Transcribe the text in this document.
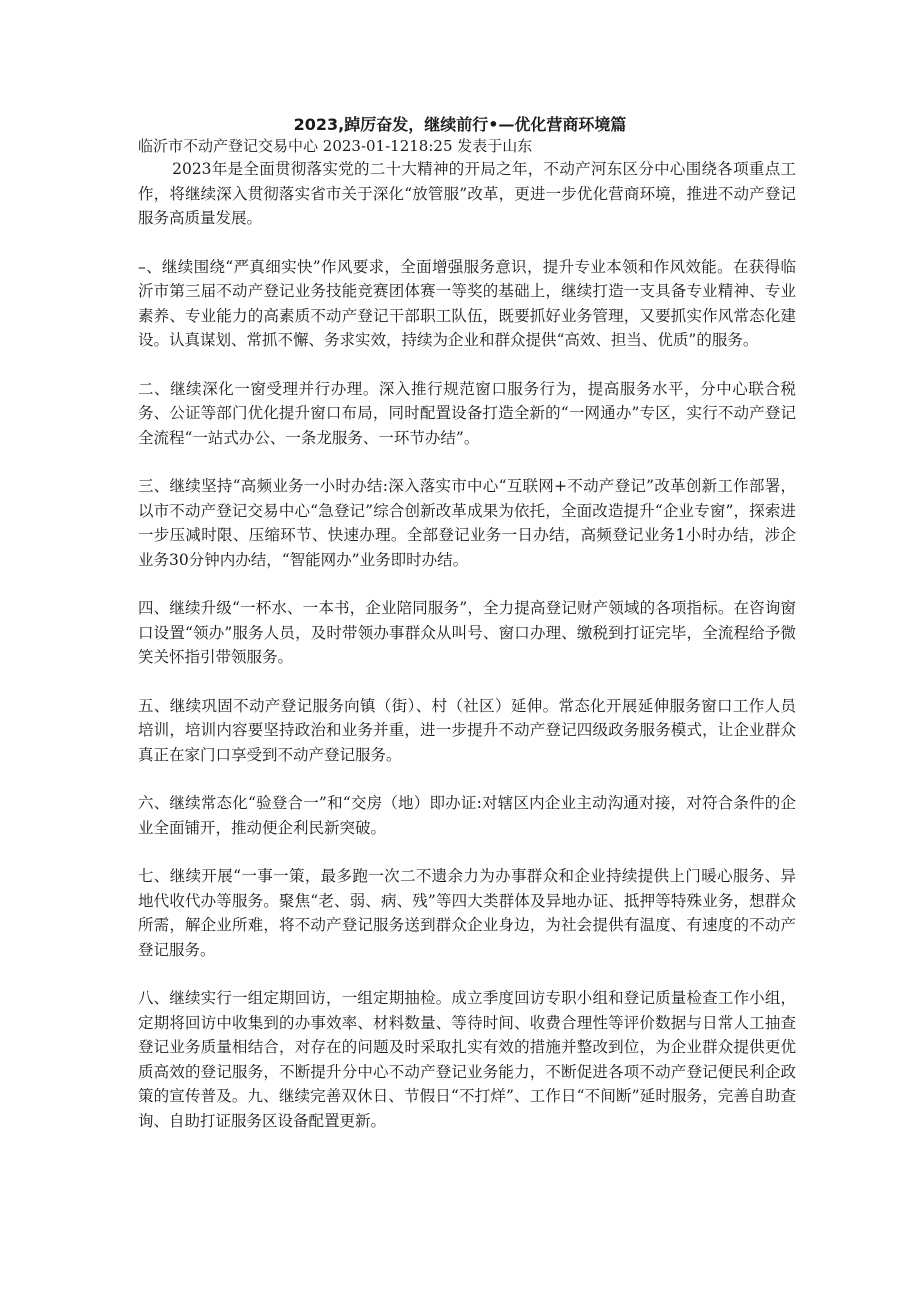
2023,踔厉奋发，继续前行•—优化营商环境篇

临沂市不动产登记交易中心 2023-01-1218:25 发表于山东

2023年是全面贯彻落实党的二十大精神的开局之年，不动产河东区分中心围绕各项重点工作，将继续深入贯彻落实省市关于深化“放管服”改革，更进一步优化营商环境，推进不动产登记服务高质量发展。

–、继续围绕“严真细实快”作风要求，全面增强服务意识，提升专业本领和作风效能。在获得临沂市第三届不动产登记业务技能竞赛团体赛一等奖的基础上，继续打造一支具备专业精神、专业素养、专业能力的高素质不动产登记干部职工队伍，既要抓好业务管理，又要抓实作风常态化建设。认真谋划、常抓不懈、务求实效，持续为企业和群众提供“高效、担当、优质”的服务。

二、继续深化一窗受理并行办理。深入推行规范窗口服务行为，提高服务水平，分中心联合税务、公证等部门优化提升窗口布局，同时配置设备打造全新的“一网通办”专区，实行不动产登记全流程“一站式办公、一条龙服务、一环节办结”。

三、继续坚持“高频业务一小时办结:深入落实市中心“互联网+不动产登记”改革创新工作部署，以市不动产登记交易中心“急登记”综合创新改革成果为依托，全面改造提升“企业专窗”，探索进一步压减时限、压缩环节、快速办理。全部登记业务一日办结，高频登记业务1小时办结，涉企业务30分钟内办结，“智能网办”业务即时办结。

四、继续升级“一杯水、一本书，企业陪同服务”，全力提高登记财产领域的各项指标。在咨询窗口设置“领办”服务人员，及时带领办事群众从叫号、窗口办理、缴税到打证完毕，全流程给予微笑关怀指引带领服务。

五、继续巩固不动产登记服务向镇（街）、村（社区）延伸。常态化开展延伸服务窗口工作人员培训，培训内容要坚持政治和业务并重，进一步提升不动产登记四级政务服务模式，让企业群众真正在家门口享受到不动产登记服务。

六、继续常态化“验登合一”和“交房（地）即办证:对辖区内企业主动沟通对接，对符合条件的企业全面铺开，推动便企利民新突破。

七、继续开展“一事一策，最多跑一次二不遗余力为办事群众和企业持续提供上门暖心服务、异地代收代办等服务。聚焦“老、弱、病、残”等四大类群体及异地办证、抵押等特殊业务，想群众所需，解企业所难，将不动产登记服务送到群众企业身边，为社会提供有温度、有速度的不动产登记服务。

八、继续实行一组定期回访，一组定期抽检。成立季度回访专职小组和登记质量检查工作小组，定期将回访中收集到的办事效率、材料数量、等待时间、收费合理性等评价数据与日常人工抽查登记业务质量相结合，对存在的问题及时采取扎实有效的措施并整改到位，为企业群众提供更优质高效的登记服务，不断提升分中心不动产登记业务能力，不断促进各项不动产登记便民利企政策的宣传普及。九、继续完善双休日、节假日“不打烊”、工作日“不间断”延时服务，完善自助查询、自助打证服务区设备配置更新。
